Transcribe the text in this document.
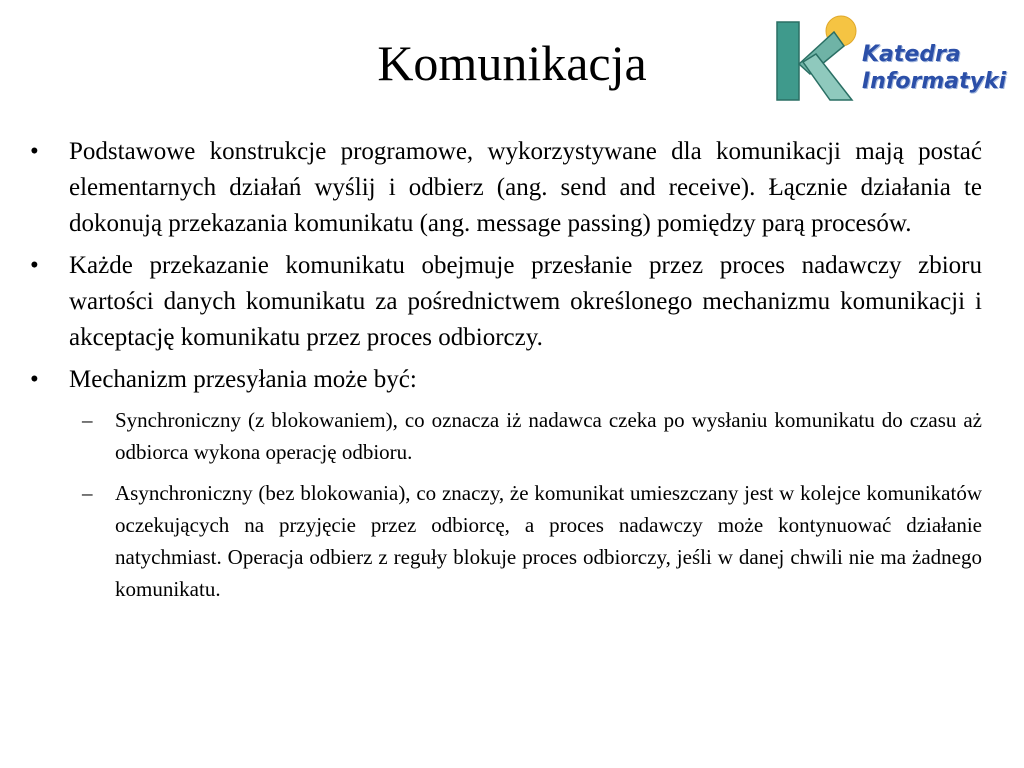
Komunikacja	Katedra
Informatyki
•	Podstawowe konstrukcje programowe, wykorzystywane dla komunikacji mają postać elementarnych działań wyślij i odbierz (ang. send and receive). Łącznie działania te dokonują przekazania komunikatu (ang. message passing) pomiędzy parą procesów.
•	Każde przekazanie komunikatu obejmuje przesłanie przez proces nadawczy zbioru wartości danych komunikatu za pośrednictwem określonego mechanizmu komunikacji i akceptację komunikatu przez proces odbiorczy.
•	Mechanizm przesyłania może być:
–	Synchroniczny (z blokowaniem), co oznacza iż nadawca czeka po wysłaniu komunikatu do czasu aż odbiorca wykona operację odbioru.
–	Asynchroniczny (bez blokowania), co znaczy, że komunikat umieszczany jest w kolejce komunikatów oczekujących na przyjęcie przez odbiorcę, a proces nadawczy może kontynuować działanie natychmiast. Operacja odbierz z reguły blokuje proces odbiorczy, jeśli w danej chwili nie ma żadnego komunikatu.
